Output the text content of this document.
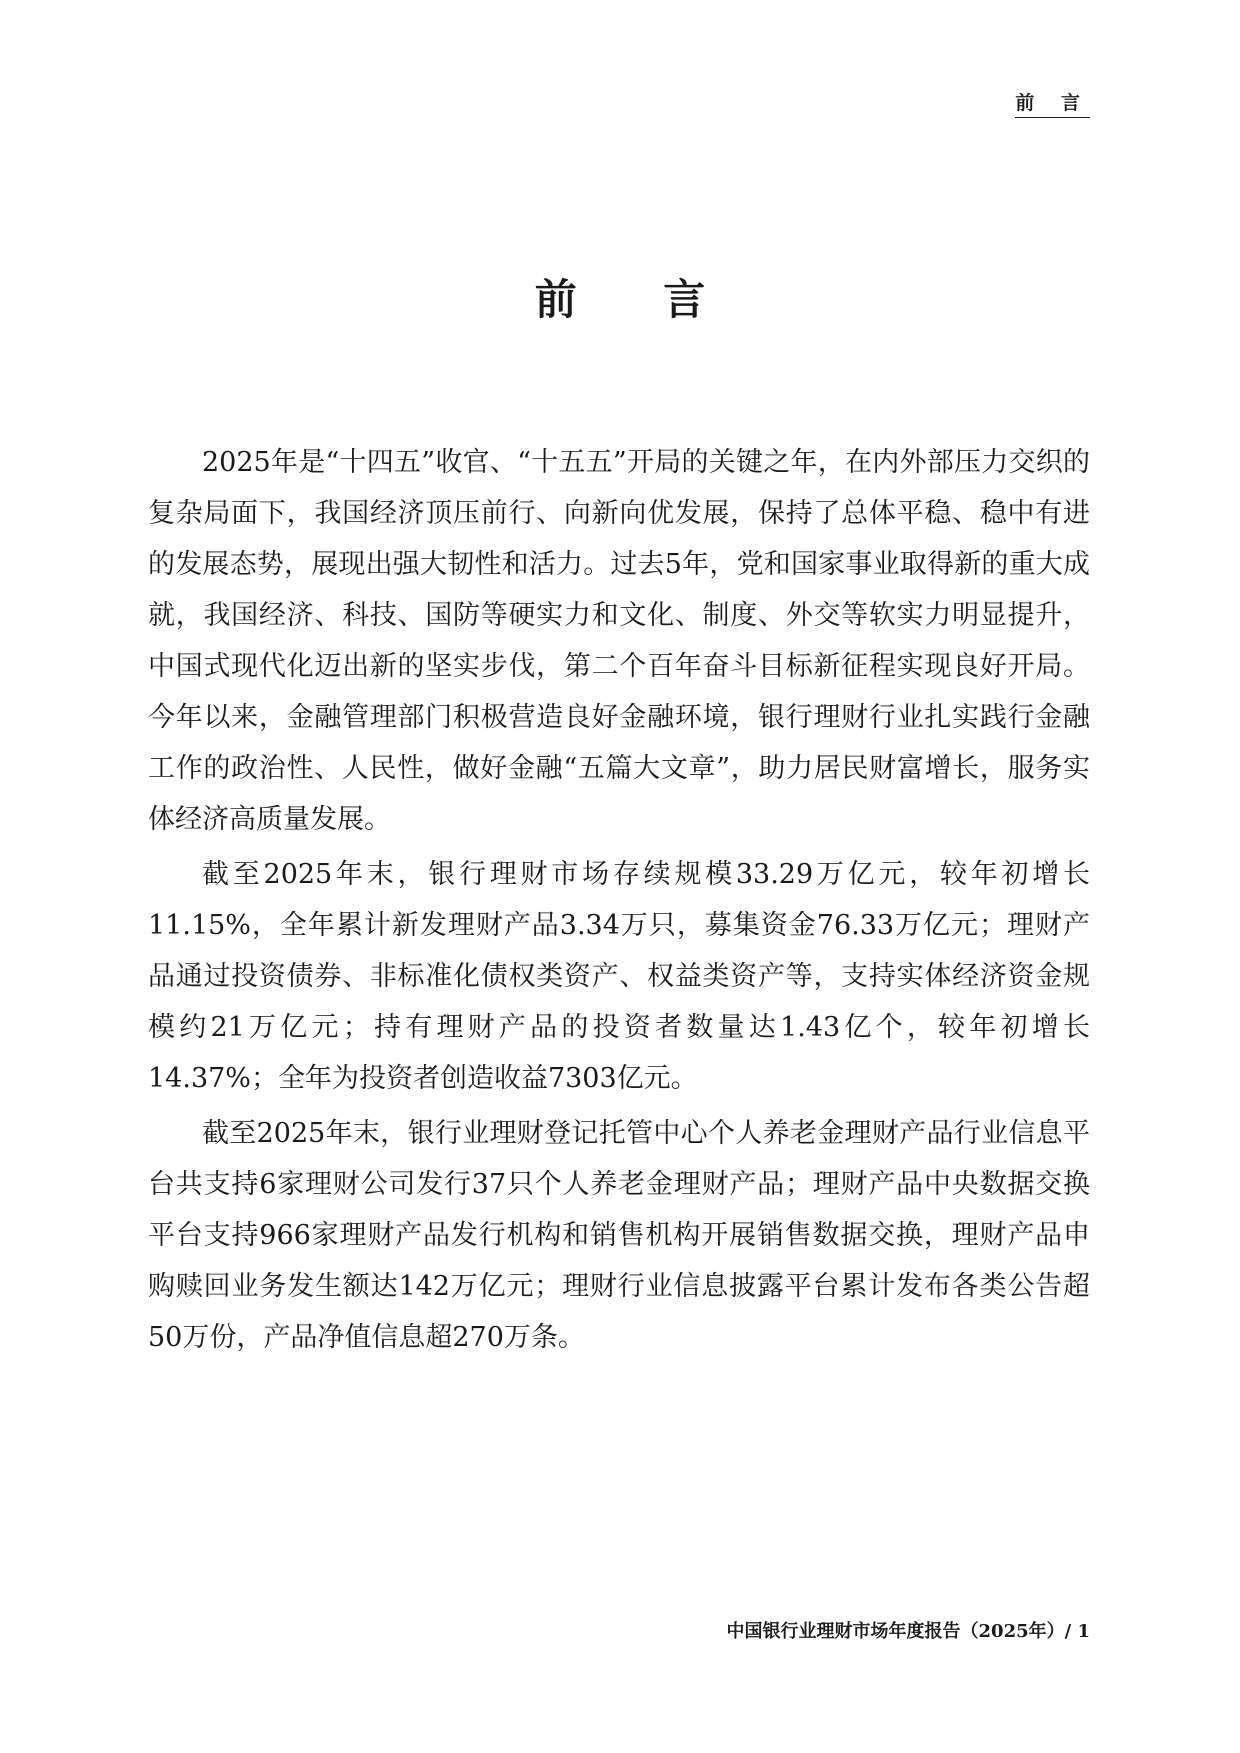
前 言
前 言

2025年是“十四五”收官、“十五五”开局的关键之年，在内外部压力交织的复杂局面下，我国经济顶压前行、向新向优发展，保持了总体平稳、稳中有进的发展态势，展现出强大韧性和活力。过去5年，党和国家事业取得新的重大成就，我国经济、科技、国防等硬实力和文化、制度、外交等软实力明显提升，中国式现代化迈出新的坚实步伐，第二个百年奋斗目标新征程实现良好开局。今年以来，金融管理部门积极营造良好金融环境，银行理财行业扎实践行金融工作的政治性、人民性，做好金融“五篇大文章”，助力居民财富增长，服务实体经济高质量发展。

截至2025年末，银行理财市场存续规模33.29万亿元，较年初增长11.15%，全年累计新发理财产品3.34万只，募集资金76.33万亿元；理财产品通过投资债券、非标准化债权类资产、权益类资产等，支持实体经济资金规模约21万亿元；持有理财产品的投资者数量达1.43亿个，较年初增长14.37%；全年为投资者创造收益7303亿元。

截至2025年末，银行业理财登记托管中心个人养老金理财产品行业信息平台共支持6家理财公司发行37只个人养老金理财产品；理财产品中央数据交换平台支持966家理财产品发行机构和销售机构开展销售数据交换，理财产品申购赎回业务发生额达142万亿元；理财行业信息披露平台累计发布各类公告超50万份，产品净值信息超270万条。

中国银行业理财市场年度报告（2025年）/ 1
